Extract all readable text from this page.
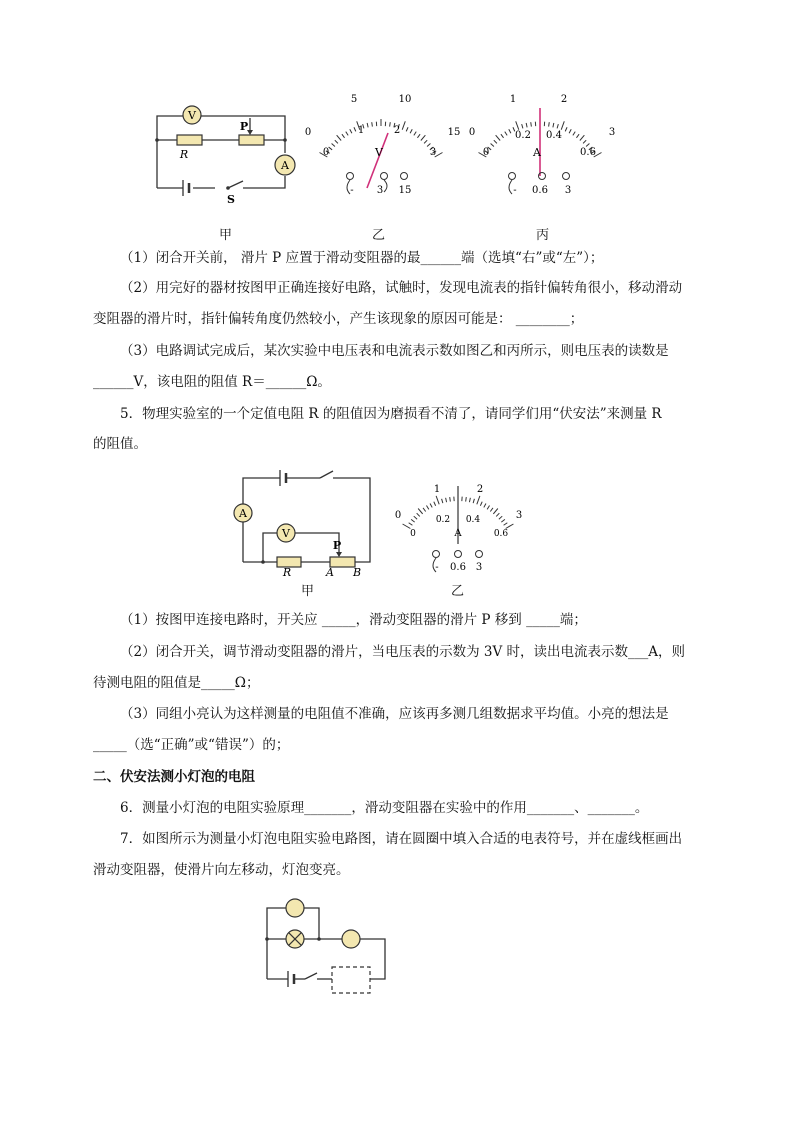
V
A
R
P
S
0
5	10
15
0
1	2
3
V
- 3 15
0
1	2
3
0
0.2 0.4
0.6
A
- 0.6 3
甲	乙	丙
（1）闭合开关前， 滑片 P 应置于滑动变阻器的最______端（选填“右”或“左”）；
（2）用完好的器材按图甲正确连接好电路，试触时，发现电流表的指针偏转角很小，移动滑动
变阻器的滑片时，指针偏转角度仍然较小，产生该现象的原因可能是： ________；
（3）电路调试完成后，某次实验中电压表和电流表示数如图乙和丙所示，则电压表的读数是
______V，该电阻的阻值 R＝______Ω。
5．物理实验室的一个定值电阻 R 的阻值因为磨损看不清了，请同学们用“伏安法”来测量 R
的阻值。
A
V
R
P
A B
0
1	2
3
0
0.2 0.4
0.6
A
- 0.6 3
甲	乙
（1）按图甲连接电路时，开关应 _____，滑动变阻器的滑片 P 移到 _____端；
（2）闭合开关，调节滑动变阻器的滑片，当电压表的示数为 3V 时，读出电流表示数___A，则
待测电阻的阻值是_____Ω；
（3）同组小亮认为这样测量的电阻值不准确，应该再多测几组数据求平均值。小亮的想法是
_____（选“正确”或“错误”）的；
二、伏安法测小灯泡的电阻
6．测量小灯泡的电阻实验原理_______，滑动变阻器在实验中的作用_______、_______。
7．如图所示为测量小灯泡电阻实验电路图，请在圆圈中填入合适的电表符号，并在虚线框画出
滑动变阻器，使滑片向左移动，灯泡变亮。
